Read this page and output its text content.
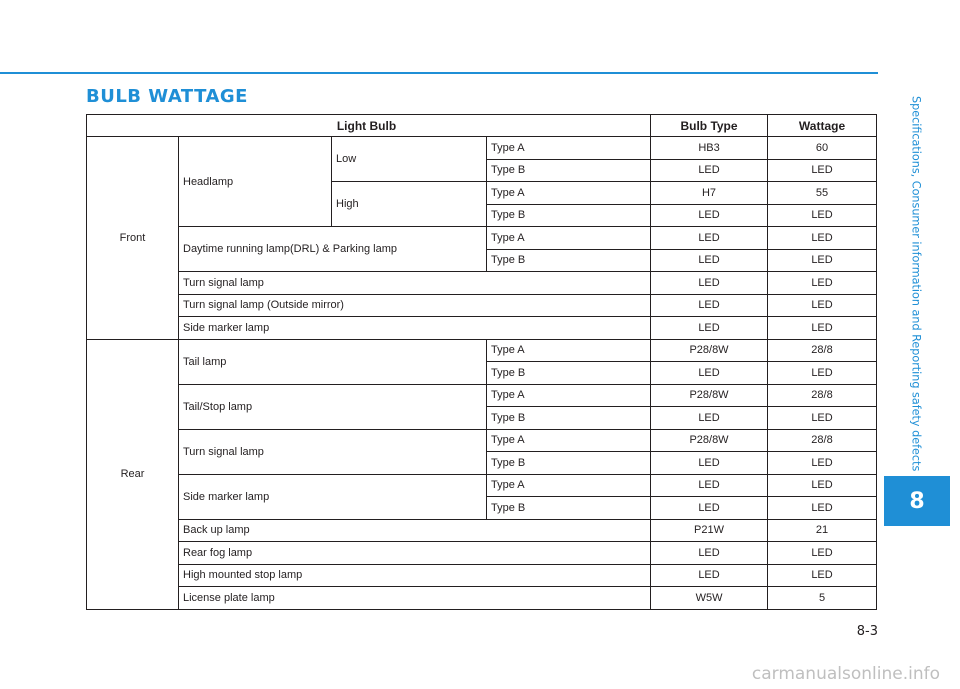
BULB WATTAGE	Specifications, Consumer information and Reporting safety defects
8
Light Bulb				Bulb Type	Wattage
Front	Headlamp	Low	Type A	HB3	60
			Type B	LED	LED
		High	Type A	H7	55
			Type B	LED	LED
	Daytime running lamp(DRL) & Parking lamp		Type A	LED	LED
			Type B	LED	LED
	Turn signal lamp			LED	LED
	Turn signal lamp (Outside mirror)			LED	LED
	Side marker lamp			LED	LED
Rear	Tail lamp		Type A	P28/8W	28/8
			Type B	LED	LED
	Tail/Stop lamp		Type A	P28/8W	28/8
			Type B	LED	LED
	Turn signal lamp		Type A	P28/8W	28/8
			Type B	LED	LED
	Side marker lamp		Type A	LED	LED
			Type B	LED	LED
	Back up lamp			P21W	21
	Rear fog lamp			LED	LED
	High mounted stop lamp			LED	LED
	License plate lamp			W5W	5
8-3
carmanualsonline.info
